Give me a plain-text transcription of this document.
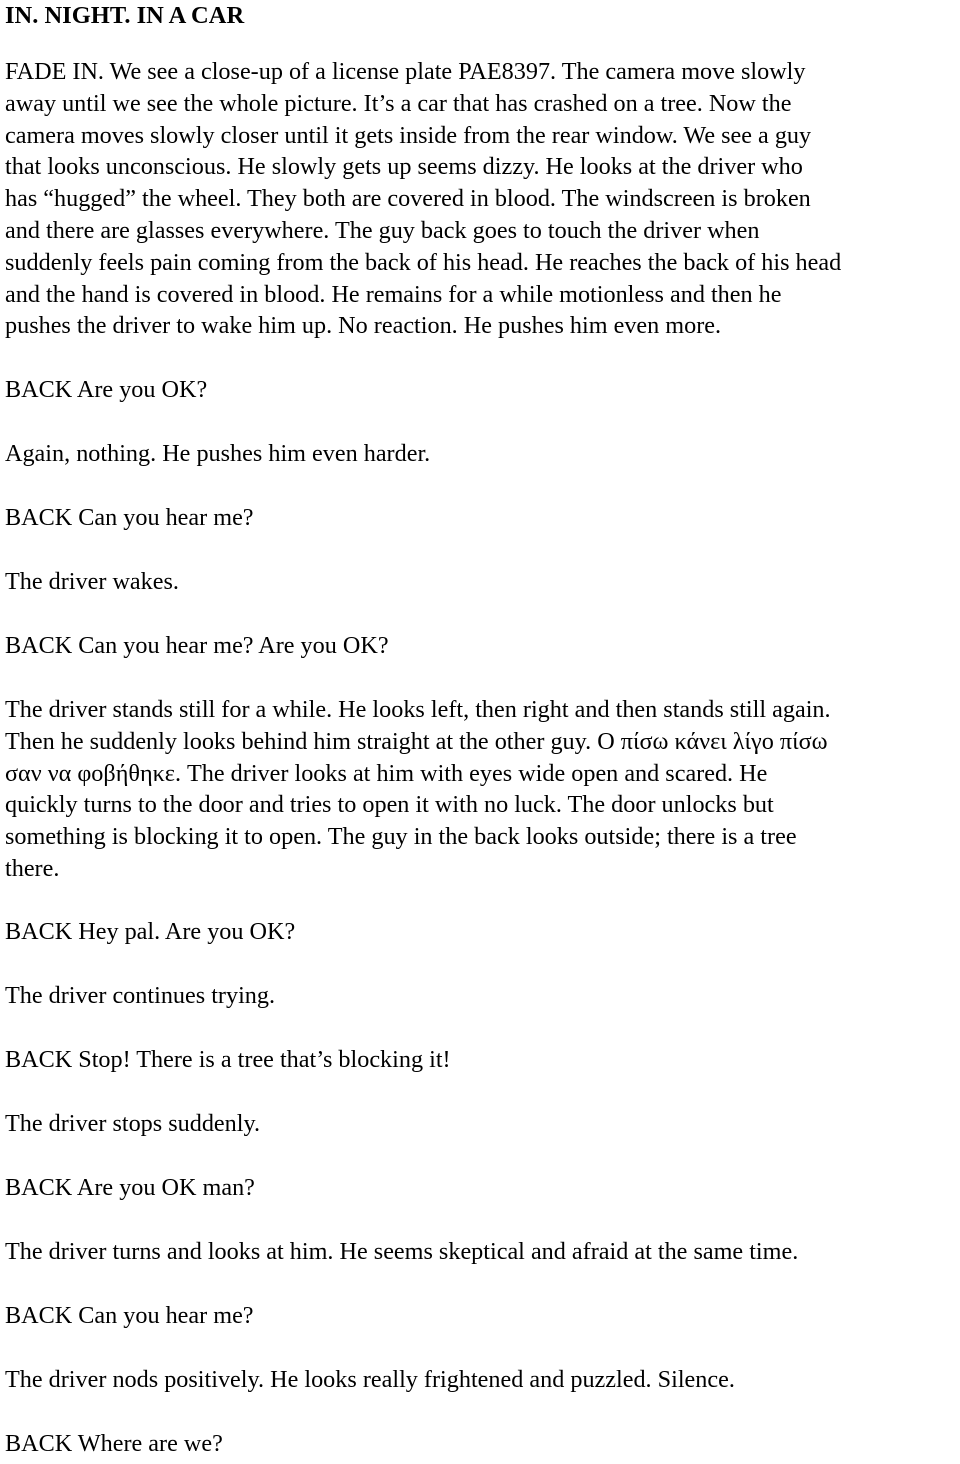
IN. NIGHT. IN A CAR
FADE IN. We see a close-up of a license plate PAE8397. The camera move slowly
away until we see the whole picture. It’s a car that has crashed on a tree. Now the
camera moves slowly closer until it gets inside from the rear window. We see a guy
that looks unconscious. He slowly gets up seems dizzy. He looks at the driver who
has “hugged” the wheel. They both are covered in blood. The windscreen is broken
and there are glasses everywhere. The guy back goes to touch the driver when
suddenly feels pain coming from the back of his head. He reaches the back of his head
and the hand is covered in blood. He remains for a while motionless and then he
pushes the driver to wake him up. No reaction. He pushes him even more.
BACK Are you OK?
Again, nothing. He pushes him even harder.
BACK Can you hear me?
The driver wakes.
BACK Can you hear me? Are you OK?
The driver stands still for a while. He looks left, then right and then stands still again.
Then he suddenly looks behind him straight at the other guy. Ο πίσω κάνει λίγο πίσω
σαν να φοβήθηκε. The driver looks at him with eyes wide open and scared. He
quickly turns to the door and tries to open it with no luck. The door unlocks but
something is blocking it to open. The guy in the back looks outside; there is a tree
there.
BACK Hey pal. Are you OK?
The driver continues trying.
BACK Stop! There is a tree that’s blocking it!
The driver stops suddenly.
BACK Are you OK man?
The driver turns and looks at him. He seems skeptical and afraid at the same time.
BACK Can you hear me?
The driver nods positively. He looks really frightened and puzzled. Silence.
BACK Where are we?
